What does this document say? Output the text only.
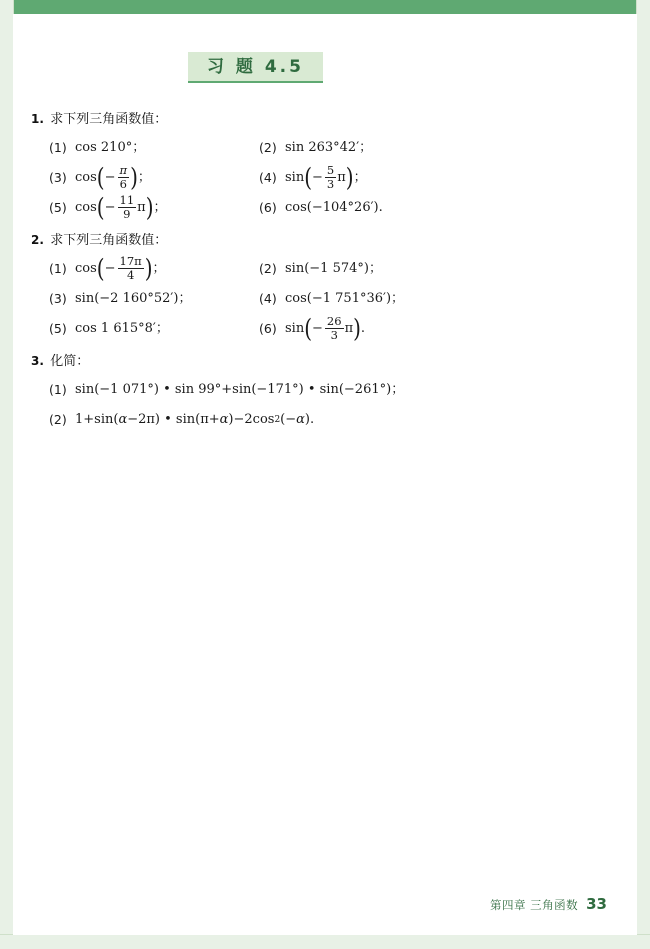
习 题 4.5
1. 求下列三角函数值：
(1) cos 210°；	(2) sin 263°42′；
(3) cos ( − $\frac{\pi}{6}$ ) ；	(4) sin ( − $\frac{5}{3}$ π ) ；
(5) cos ( − $\frac{11}{9}$ π ) ；	(6) cos(−104°26′).
2. 求下列三角函数值：
(1) cos ( − $\frac{17\pi}{4}$ ) ；	(2) sin(−1 574°)；
(3) sin(−2 160°52′)；	(4) cos(−1 751°36′)；
(5) cos 1 615°8′；	(6) sin ( − $\frac{26}{3}$ π ) .
3. 化简：
(1) sin(−1 071°) • sin 99°+sin(−171°) • sin(−261°)；
(2) 1+sin( α −2π) • sin(π+ α )−2cos 2 (− α ).
第四章 三角函数 33
